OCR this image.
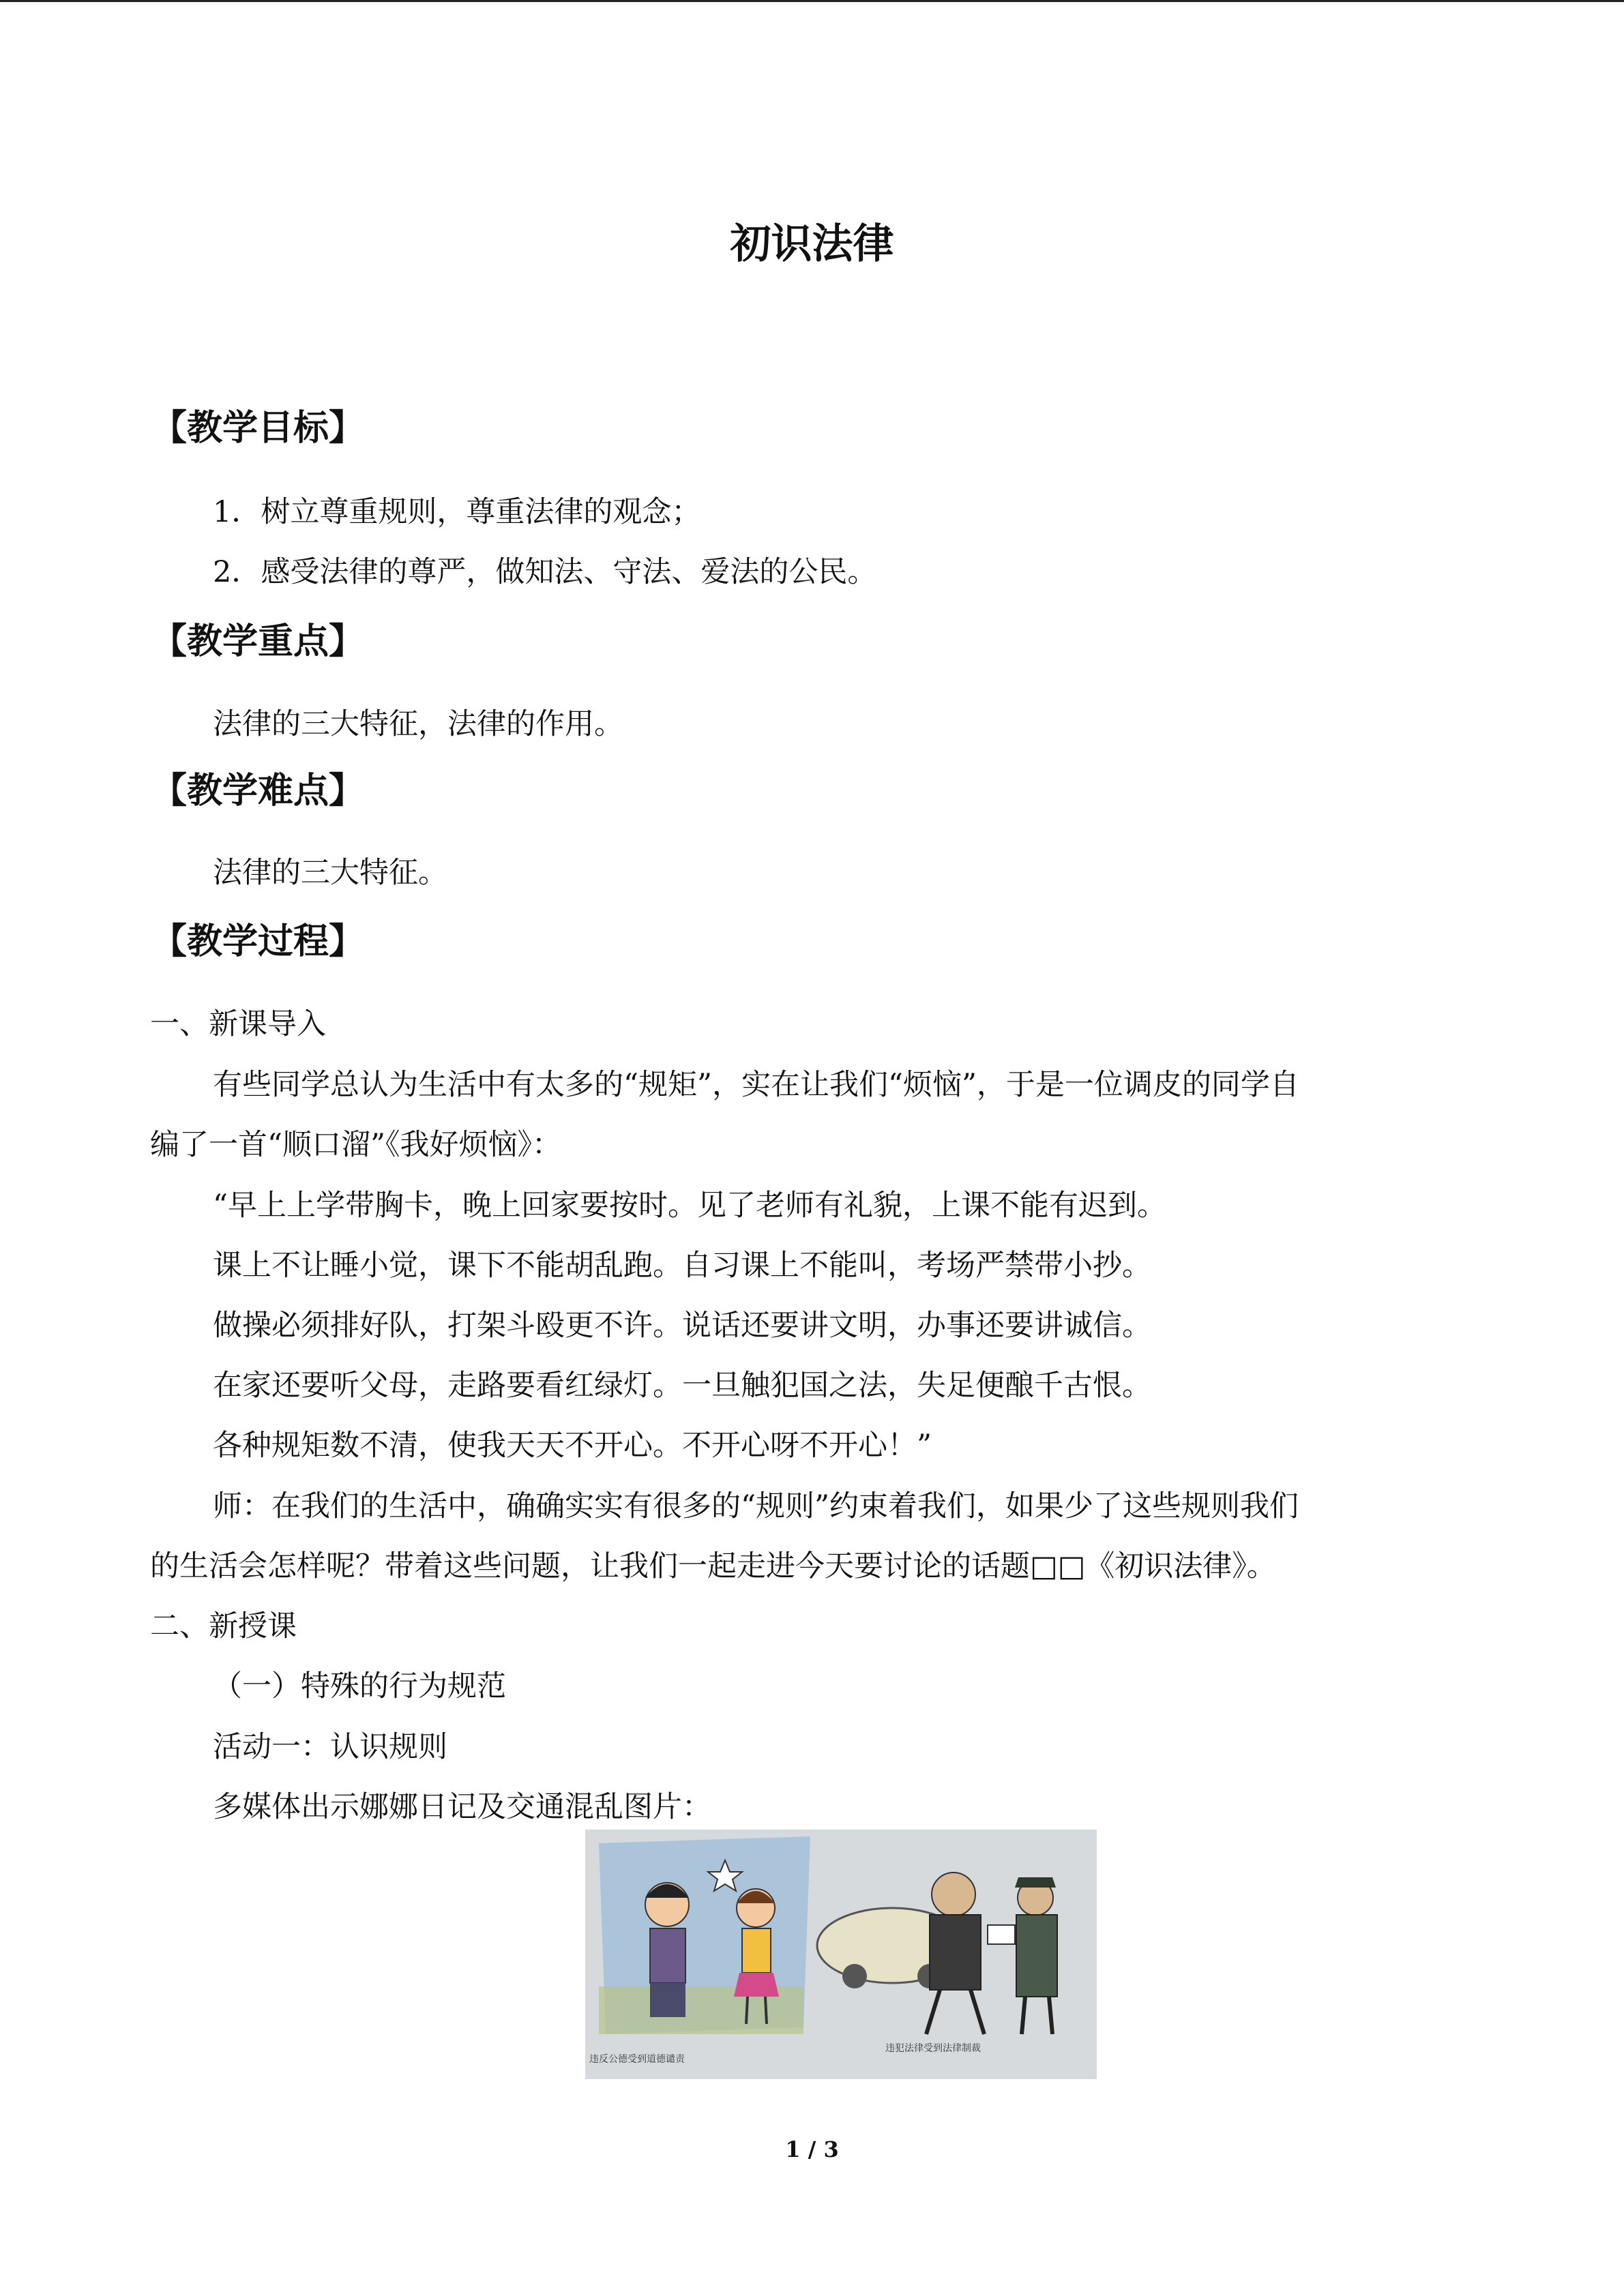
初识法律
【教学目标】
1．树立尊重规则，尊重法律的观念；
2．感受法律的尊严，做知法、守法、爱法的公民。
【教学重点】
法律的三大特征，法律的作用。
【教学难点】
法律的三大特征。
【教学过程】
一、新课导入
有些同学总认为生活中有太多的“规矩”，实在让我们“烦恼”，于是一位调皮的同学自
编了一首“顺口溜”《我好烦恼》：
“早上上学带胸卡，晚上回家要按时。见了老师有礼貌，上课不能有迟到。
课上不让睡小觉，课下不能胡乱跑。自习课上不能叫，考场严禁带小抄。
做操必须排好队，打架斗殴更不许。说话还要讲文明，办事还要讲诚信。
在家还要听父母，走路要看红绿灯。一旦触犯国之法，失足便酿千古恨。
各种规矩数不清，使我天天不开心。不开心呀不开心！”
师：在我们的生活中，确确实实有很多的“规则”约束着我们，如果少了这些规则我们
的生活会怎样呢？带着这些问题，让我们一起走进今天要讨论的话题□□《初识法律》。
二、新授课
（一）特殊的行为规范
活动一：认识规则
多媒体出示娜娜日记及交通混乱图片：
违反公德受到道德谴责
违犯法律受到法律制裁
1 / 3
